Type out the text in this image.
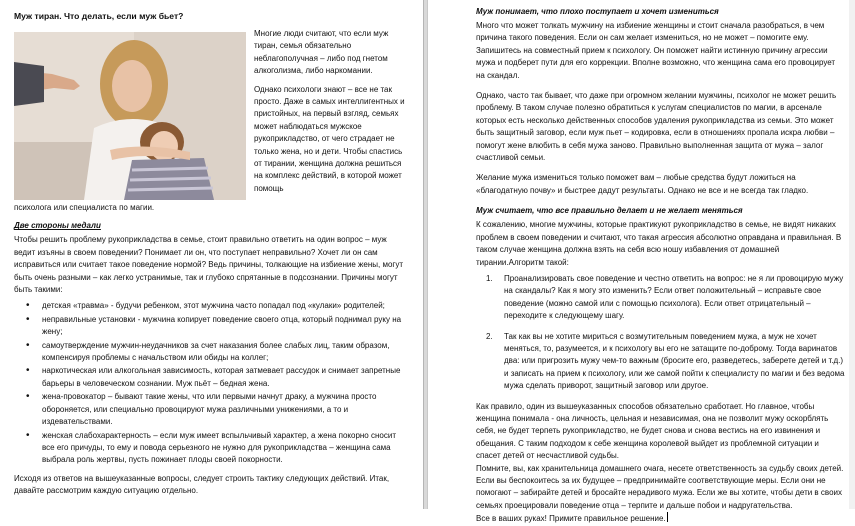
Муж тиран. Что делать, если муж бьет?

Многие люди считают, что если муж тиран, семья обязательно неблагополучная – либо под гнетом алкоголизма, либо наркомании.

Однако психологи знают – все не так просто. Даже в самых интеллигентных и пристойных, на первый взгляд, семьях может наблюдаться мужское рукоприкладство, от чего страдает не только жена, но и дети. Чтобы спастись от тирании, женщина должна решиться на комплекс действий, в которой может помощь

психолога или специалиста по магии.

Две стороны медали

Чтобы решить проблему рукоприкладства в семье, стоит правильно ответить на один вопрос – муж ведит изъяны в своем поведении? Понимает ли он, что поступает неправильно? Хочет ли он сам исправиться или считает такое поведение нормой? Ведь причины, толкающие на избиение жены, могут быть очень разными – как легко устранимые, так и глубоко спрятанные в подсознании. Причины могут быть такими:

• детская «травма» - будучи ребенком, этот мужчина часто попадал под «кулаки» родителей;
• неправильные установки - мужчина копирует поведение своего отца, который поднимал руку на жену;
• самоутверждение мужчин-неудачников за счет наказания более слабых лиц, таким образом, компенсируя проблемы с начальством или обиды на коллег;
• наркотическая или алкогольная зависимость, которая затмевает рассудок и снимает запретные барьеры в человеческом сознании. Муж пьёт – бедная жена.
• жена-провокатор – бывают такие жены, что или первыми начнут драку, а мужчина просто обороняется, или специально провоцируют мужа различными унижениями, а то и издевательствами.
• женская слабохарактерность – если муж имеет вспыльчивый характер, а жена покорно сносит все его причуды, то ему и повода серьезного не нужно для рукоприкладства – женщина сама выбрала роль жертвы, пусть пожинает плоды своей покорности.

Исходя из ответов на вышеуказанные вопросы, следует строить тактику следующих действий. Итак, давайте рассмотрим каждую ситуацию отдельно.

Муж понимает, что плохо поступает и хочет измениться

Много что может толкать мужчину на избиение женщины и стоит сначала разобраться, в чем причина такого поведения. Если он сам желает измениться, но не может – помогите ему. Запишитесь на совместный прием к психологу. Он поможет найти истинную причину агрессии мужа и подберет пути для его коррекции. Вполне возможно, что женщина сама его провоцирует на скандал.

Однако, часто так бывает, что даже при огромном желании мужчины, психолог не может решить проблему. В таком случае полезно обратиться к услугам специалистов по магии, в арсенале которых есть несколько действенных способов удаления рукоприкладства из семьи. Это может быть защитный заговор, если муж пьет – кодировка, если в отношениях пропала искра любви – помогут жене влюбить в себя мужа заново. Правильно выполненная защита от мужа – залог счастливой семьи.

Желание мужа измениться только поможет вам – любые средства будут ложиться на «благодатную почву» и быстрее дадут результаты. Однако не все и не всегда так гладко.

Муж считает, что все правильно делает и не желает меняться

К сожалению, многие мужчины, которые практикуют рукоприкладство в семье, не видят никаких проблем в своем поведении и считают, что такая агрессия абсолютно оправдана и правильная. В таком случае женщина должна взять на себя всю ношу избавления от домашней тирании.Алгоритм такой:

1. Проанализировать свое поведение и честно ответить на вопрос: не я ли провоцирую мужу на скандалы? Как я могу это изменить? Если ответ положительный – исправьте свое поведение (можно самой или с помощью психолога). Если ответ отрицательный – переходите к следующему шагу.
2. Так как вы не хотите мириться с возмутительным поведением мужа, а муж не хочет меняться, то, разумеется, и к психологу вы его не затащите по-доброму. Тогда варинатов два: или пригрозить мужу чем-то важным (бросите его, разведетесь, заберете детей и т.д.) и записать на прием к психологу, или же самой пойти к специалисту по магии и без ведома мужа сделать приворот, защитный заговор или другое.

Как правило, один из вышеуказанных способов обязательно сработает. Но главное, чтобы женщина понимала - она личность, цельная и независимая, она не позволит мужу оскорблять себя, не будет терпеть рукоприкладство, не будет снова и снова вестись на его извинения и обещания. С таким подходом к себе женщина королевой выйдет из проблемной ситуации и спасет детей от несчастливой судьбы.

Помните, вы, как хранительница домашнего очага, несете ответственность за судьбу своих детей. Если вы беспокоитесь за их будущее – предпринимайте соответствующие меры. Если они не помогают – забирайте детей и бросайте нерадивого мужа. Если же вы хотите, чтобы дети в своих семьях проецировали поведение отца – терпите и дальше побои и надругательства.

Все в ваших руках! Примите правильное решение.
